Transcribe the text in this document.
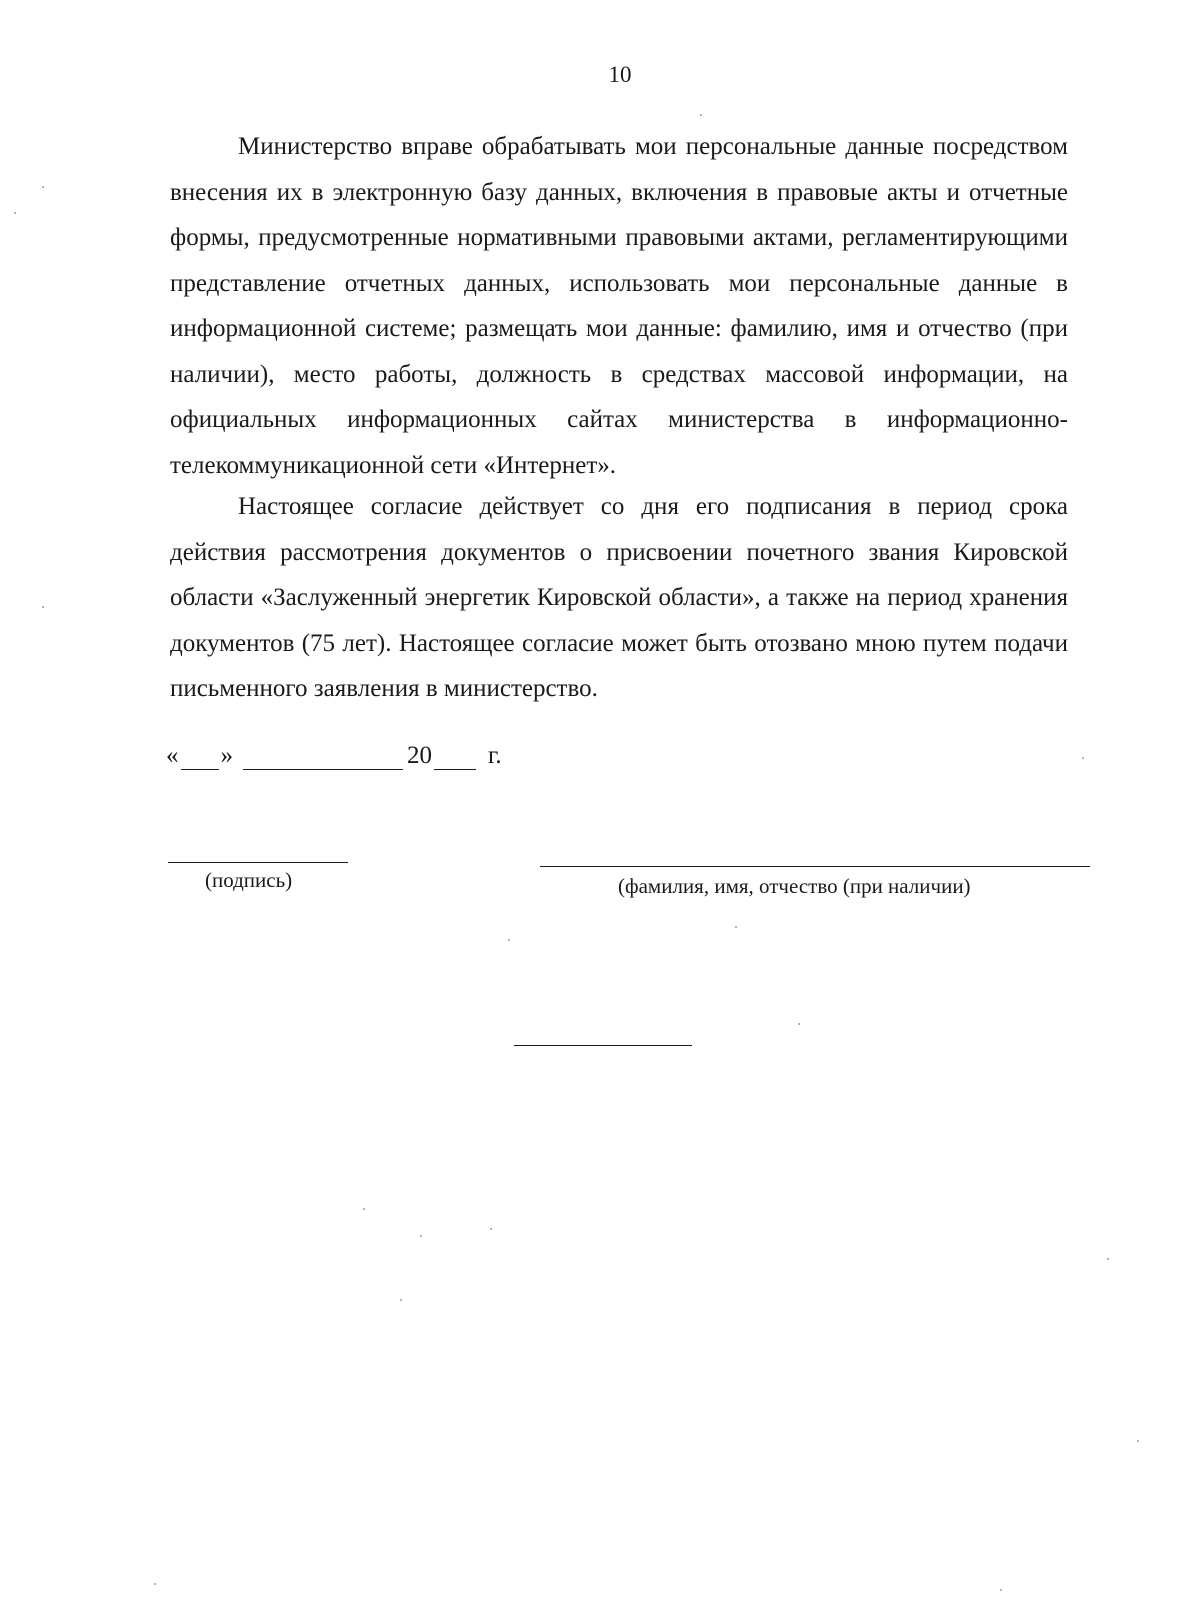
10

Министерство вправе обрабатывать мои персональные данные посредством внесения их в электронную базу данных, включения в правовые акты и отчетные формы, предусмотренные нормативными правовыми актами, регламентирующими представление отчетных данных, использовать мои персональные данные в информационной системе; размещать мои данные: фамилию, имя и отчество (при наличии), место работы, должность в средствах массовой информации, на официальных информационных сайтах министерства в информационно-телекоммуникационной сети «Интернет».

Настоящее согласие действует со дня его подписания в период срока действия рассмотрения документов о присвоении почетного звания Кировской области «Заслуженный энергетик Кировской области», а также на период хранения документов (75 лет). Настоящее согласие может быть отозвано мною путем подачи письменного заявления в министерство.

« »	20 г.
(подпись)	(фамилия, имя, отчество (при наличии)
